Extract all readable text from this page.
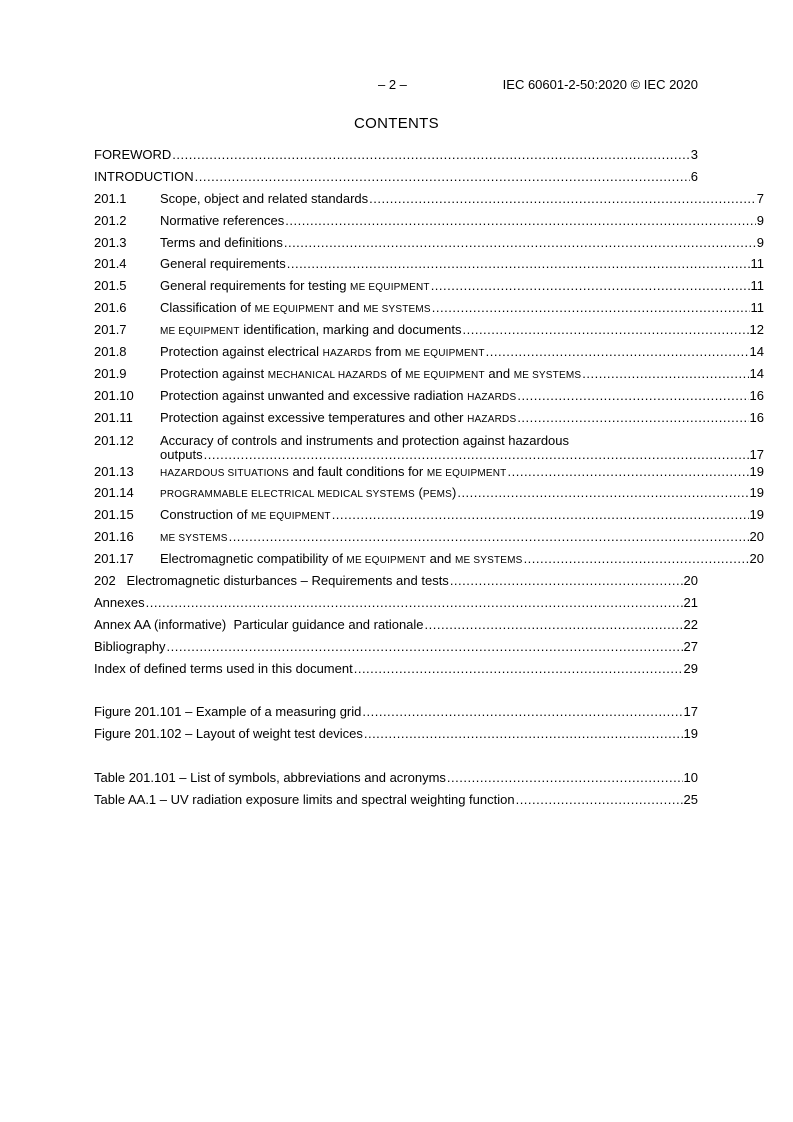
– 2 –	IEC 60601-2-50:2020 © IEC 2020
CONTENTS
FOREWORD .....	3
INTRODUCTION .....	6
201.1	Scope, object and related standards .....	7
201.2	Normative references .....	9
201.3	Terms and definitions .....	9
201.4	General requirements .....	11
201.5	General requirements for testing ME EQUIPMENT .....	11
201.6	Classification of ME EQUIPMENT and ME SYSTEMS .....	11
201.7	ME EQUIPMENT identification, marking and documents .....	12
201.8	Protection against electrical HAZARDS from ME EQUIPMENT .....	14
201.9	Protection against MECHANICAL HAZARDS of ME EQUIPMENT and ME SYSTEMS .....	14
201.10 Protection against unwanted and excessive radiation HAZARDS .....	16
201.11 Protection against excessive temperatures and other HAZARDS .....	16
201.12 Accuracy of controls and instruments and protection against hazardous
outputs .....	17
201.13	HAZARDOUS SITUATIONS and fault conditions for ME EQUIPMENT .....	19
201.14	PROGRAMMABLE ELECTRICAL MEDICAL SYSTEMS (PEMS) .....	19
201.15 Construction of ME EQUIPMENT .....	19
201.16	ME SYSTEMS .....	20
201.17 Electromagnetic compatibility of ME EQUIPMENT and ME SYSTEMS .....	20
202   Electromagnetic disturbances – Requirements and tests .....	20
Annexes .....	21
Annex AA (informative)  Particular guidance and rationale .....	22
Bibliography .....	27
Index of defined terms used in this document .....	29
Figure 201.101 – Example of a measuring grid .....	17
Figure 201.102 – Layout of weight test devices .....	19
Table 201.101 – List of symbols, abbreviations and acronyms .....	10
Table AA.1 – UV radiation exposure limits and spectral weighting function .....	25
